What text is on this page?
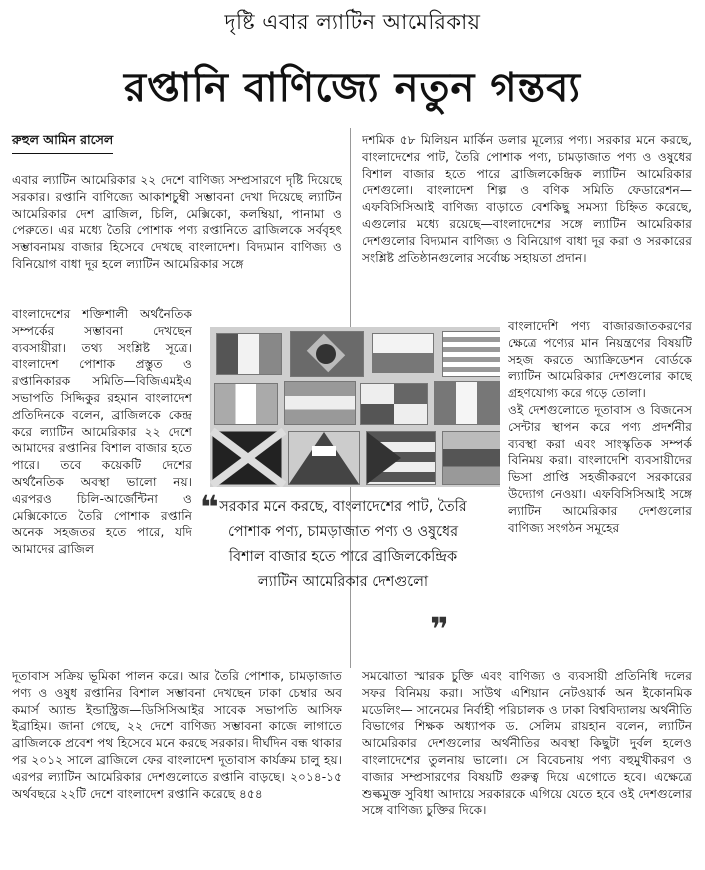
দৃষ্টি এবার ল্যাটিন আমেরিকায়
রপ্তানি বাণিজ্যে নতুন গন্তব্য
রুহুল আমিন রাসেল

এবার ল্যাটিন আমেরিকার ২২ দেশে বাণিজ্য সম্প্রসারণে দৃষ্টি দিয়েছে সরকার। রপ্তানি বাণিজ্যে আকাশচুম্বী সম্ভাবনা দেখা দিয়েছে ল্যাটিন আমেরিকার দেশ ব্রাজিল, চিলি, মেক্সিকো, কলম্বিয়া, পানামা ও পেরুতে। এর মধ্যে তৈরি পোশাক পণ্য রপ্তানিতে ব্রাজিলকে সর্ববৃহৎ সম্ভাবনাময় বাজার হিসেবে দেখছে বাংলাদেশ। বিদ্যমান বাণিজ্য ও বিনিয়োগ বাধা দূর হলে ল্যাটিন আমেরিকার সঙ্গে

বাংলাদেশের শক্তিশালী অর্থনৈতিক সম্পর্কের সম্ভাবনা দেখছেন ব্যবসায়ীরা। তথ্য সংশ্লিষ্ট সূত্রে। বাংলাদেশ পোশাক প্রস্তুত ও রপ্তানিকারক সমিতি—বিজিএমইএ সভাপতি সিদ্দিকুর রহমান বাংলাদেশ প্রতিদিনকে বলেন, ব্রাজিলকে কেন্দ্র করে ল্যাটিন আমেরিকার ২২ দেশে আমাদের রপ্তানির বিশাল বাজার হতে পারে। তবে কয়েকটি দেশের অর্থনৈতিক অবস্থা ভালো নয়। এরপরও চিলি-আর্জেন্টিনা ও মেক্সিকোতে তৈরি পোশাক রপ্তানি অনেক সহজতর হতে পারে, যদি আমাদের ব্রাজিল

দশমিক ৫৮ মিলিয়ন মার্কিন ডলার মূল্যের পণ্য। সরকার মনে করছে, বাংলাদেশের পাট, তৈরি পোশাক পণ্য, চামড়াজাত পণ্য ও ওষুধের বিশাল বাজার হতে পারে ব্রাজিলকেন্দ্রিক ল্যাটিন আমেরিকার দেশগুলো। বাংলাদেশ শিল্প ও বণিক সমিতি ফেডারেশন—এফবিসিসিআই বাণিজ্য বাড়াতে বেশকিছু সমস্যা চিহ্নিত করেছে, এগুলোর মধ্যে রয়েছে—বাংলাদেশের সঙ্গে ল্যাটিন আমেরিকার দেশগুলোর বিদ্যমান বাণিজ্য ও বিনিয়োগ বাধা দূর করা ও সরকারের সংশ্লিষ্ট প্রতিষ্ঠানগুলোর সর্বোচ্চ সহায়তা প্রদান।

বাংলাদেশি পণ্য বাজারজাতকরণের ক্ষেত্রে পণ্যের মান নিয়ন্ত্রণের বিষয়টি সহজ করতে অ্যাক্রিডেশন বোর্ডকে ল্যাটিন আমেরিকার দেশগুলোর কাছে গ্রহণযোগ্য করে গড়ে তোলা।

ওই দেশগুলোতে দূতাবাস ও বিজনেস সেন্টার স্থাপন করে পণ্য প্রদর্শনীর ব্যবস্থা করা এবং সাংস্কৃতিক সম্পর্ক বিনিময় করা। বাংলাদেশি ব্যবসায়ীদের ভিসা প্রাপ্তি সহজীকরণে সরকারের উদ্যোগ নেওয়া। এফবিসিসিআই সঙ্গে ল্যাটিন আমেরিকার দেশগুলোর বাণিজ্য সংগঠন সমূহের

❝ সরকার মনে করছে, বাংলাদেশের পাট, তৈরি পোশাক পণ্য, চামড়াজাত পণ্য ও ওষুধের বিশাল বাজার হতে পারে ব্রাজিলকেন্দ্রিক ল্যাটিন আমেরিকার দেশগুলো
❞

দূতাবাস সক্রিয় ভূমিকা পালন করে। আর তৈরি পোশাক, চামড়াজাত পণ্য ও ওষুধ রপ্তানির বিশাল সম্ভাবনা দেখছেন ঢাকা চেম্বার অব কমার্স অ্যান্ড ইন্ডাস্ট্রিজ—ডিসিসিআইর সাবেক সভাপতি আসিফ ইব্রাহিম। জানা গেছে, ২২ দেশে বাণিজ্য সম্ভাবনা কাজে লাগাতে ব্রাজিলকে প্রবেশ পথ হিসেবে মনে করছে সরকার। দীর্ঘদিন বন্ধ থাকার পর ২০১২ সালে ব্রাজিলে ফের বাংলাদেশ দূতাবাস কার্যক্রম চালু হয়। এরপর ল্যাটিন আমেরিকার দেশগুলোতে রপ্তানি বাড়ছে। ২০১৪-১৫ অর্থবছরে ২২টি দেশে বাংলাদেশ রপ্তানি করেছে ৪৫৪

সমঝোতা স্মারক চুক্তি এবং বাণিজ্য ও ব্যবসায়ী প্রতিনিধি দলের সফর বিনিময় করা। সাউথ এশিয়ান নেটওয়ার্ক অন ইকোনমিক মডেলিং— সানেমের নির্বাহী পরিচালক ও ঢাকা বিশ্ববিদ্যালয় অর্থনীতি বিভাগের শিক্ষক অধ্যাপক ড. সেলিম রায়হান বলেন, ল্যাটিন আমেরিকার দেশগুলোর অর্থনীতির অবস্থা কিছুটা দুর্বল হলেও বাংলাদেশের তুলনায় ভালো। সে বিবেচনায় পণ্য বহুমুখীকরণ ও বাজার সম্প্রসারণের বিষয়টি গুরুত্ব দিয়ে এগোতে হবে। এক্ষেত্রে শুল্কমুক্ত সুবিধা আদায়ে সরকারকে এগিয়ে যেতে হবে ওই দেশগুলোর সঙ্গে বাণিজ্য চুক্তির দিকে।
